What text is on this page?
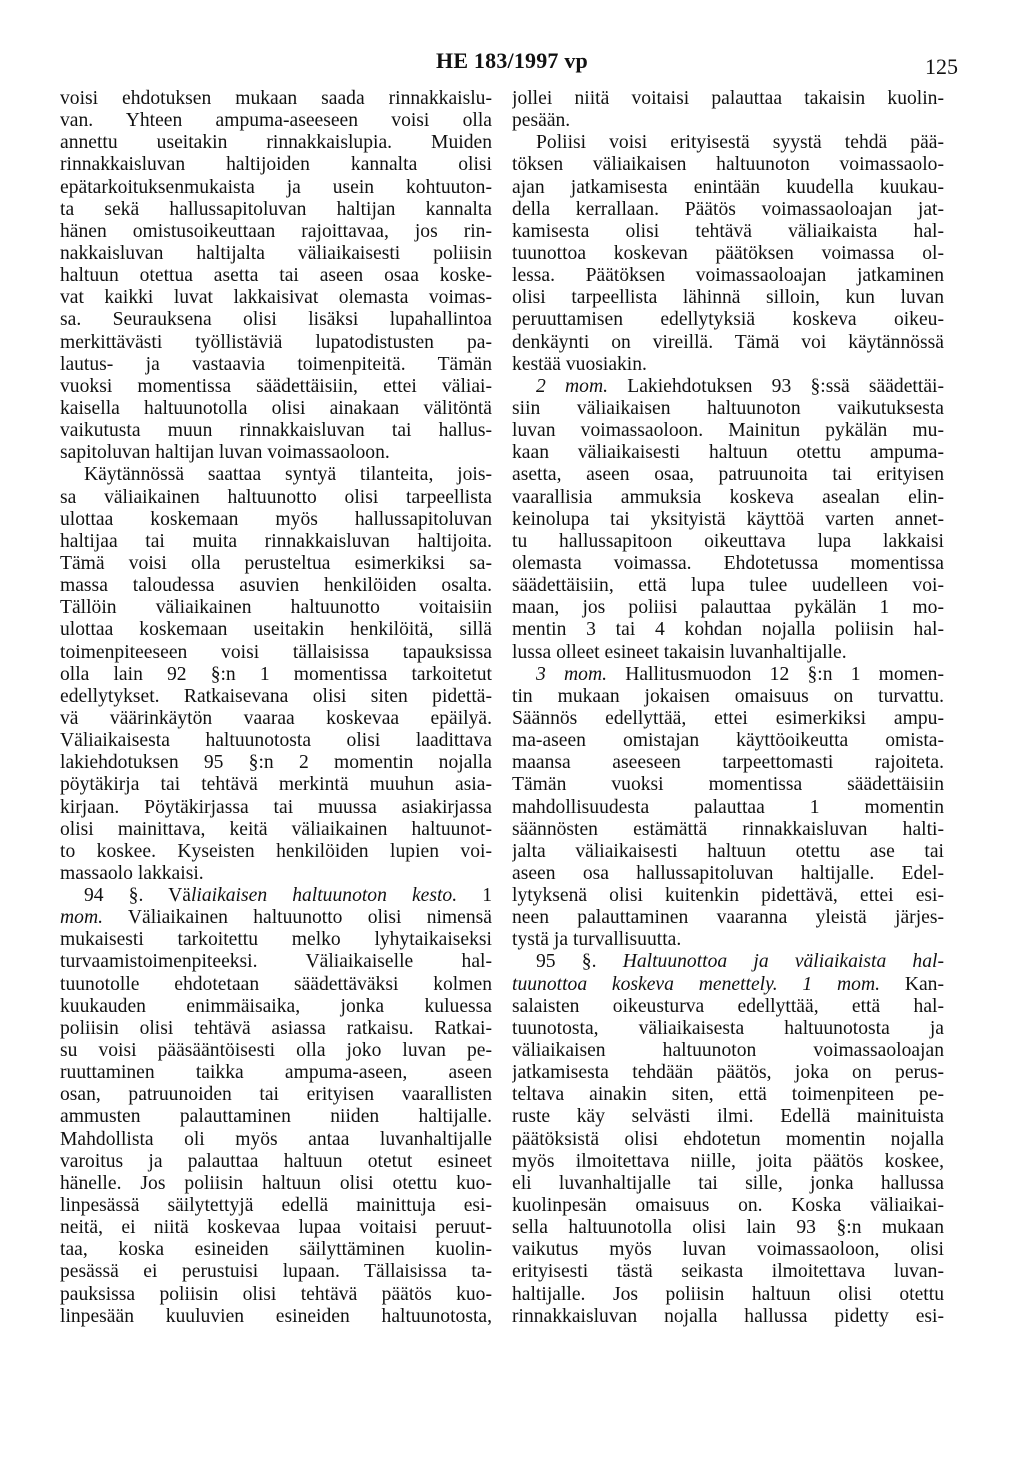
HE 183/1997 vp	125
voisi ehdotuksen mukaan saada rinnakkaislu-
van. Yhteen ampuma-aseeseen voisi olla
annettu useitakin rinnakkaislupia. Muiden
rinnakkaisluvan haltijoiden kannalta olisi
epätarkoituksenmukaista ja usein kohtuuton-
ta sekä hallussapitoluvan haltijan kannalta
hänen omistusoikeuttaan rajoittavaa, jos rin-
nakkaisluvan haltijalta väliaikaisesti poliisin
haltuun otettua asetta tai aseen osaa koske-
vat kaikki luvat lakkaisivat olemasta voimas-
sa. Seurauksena olisi lisäksi lupahallintoa
merkittävästi työllistäviä lupatodistusten pa-
lautus- ja vastaavia toimenpiteitä. Tämän
vuoksi momentissa säädettäisiin, ettei väliai-
kaisella haltuunotolla olisi ainakaan välitöntä
vaikutusta muun rinnakkaisluvan tai hallus-
sapitoluvan haltijan luvan voimassaoloon.
Käytännössä saattaa syntyä tilanteita, jois-
sa väliaikainen haltuunotto olisi tarpeellista
ulottaa koskemaan myös hallussapitoluvan
haltijaa tai muita rinnakkaisluvan haltijoita.
Tämä voisi olla perusteltua esimerkiksi sa-
massa taloudessa asuvien henkilöiden osalta.
Tällöin väliaikainen haltuunotto voitaisiin
ulottaa koskemaan useitakin henkilöitä, sillä
toimenpiteeseen voisi tällaisissa tapauksissa
olla lain 92 §:n 1 momentissa tarkoitetut
edellytykset. Ratkaisevana olisi siten pidettä-
vä väärinkäytön vaaraa koskevaa epäilyä.
Väliaikaisesta haltuunotosta olisi laadittava
lakiehdotuksen 95 §:n 2 momentin nojalla
pöytäkirja tai tehtävä merkintä muuhun asia-
kirjaan. Pöytäkirjassa tai muussa asiakirjassa
olisi mainittava, keitä väliaikainen haltuunot-
to koskee. Kyseisten henkilöiden lupien voi-
massaolo lakkaisi.
94 §. Väliaikaisen haltuunoton kesto. 1
mom. Väliaikainen haltuunotto olisi nimensä
mukaisesti tarkoitettu melko lyhytaikaiseksi
turvaamistoimenpiteeksi. Väliaikaiselle hal-
tuunotolle ehdotetaan säädettäväksi kolmen
kuukauden enimmäisaika, jonka kuluessa
poliisin olisi tehtävä asiassa ratkaisu. Ratkai-
su voisi pääsääntöisesti olla joko luvan pe-
ruuttaminen taikka ampuma-aseen, aseen
osan, patruunoiden tai erityisen vaarallisten
ammusten palauttaminen niiden haltijalle.
Mahdollista oli myös antaa luvanhaltijalle
varoitus ja palauttaa haltuun otetut esineet
hänelle. Jos poliisin haltuun olisi otettu kuo-
linpesässä säilytettyjä edellä mainittuja esi-
neitä, ei niitä koskevaa lupaa voitaisi peruut-
taa, koska esineiden säilyttäminen kuolin-
pesässä ei perustuisi lupaan. Tällaisissa ta-
pauksissa poliisin olisi tehtävä päätös kuo-
linpesään kuuluvien esineiden haltuunotosta,
jollei niitä voitaisi palauttaa takaisin kuolin-
pesään.
Poliisi voisi erityisestä syystä tehdä pää-
töksen väliaikaisen haltuunoton voimassaolo-
ajan jatkamisesta enintään kuudella kuukau-
della kerrallaan. Päätös voimassaoloajan jat-
kamisesta olisi tehtävä väliaikaista hal-
tuunottoa koskevan päätöksen voimassa ol-
lessa. Päätöksen voimassaoloajan jatkaminen
olisi tarpeellista lähinnä silloin, kun luvan
peruuttamisen edellytyksiä koskeva oikeu-
denkäynti on vireillä. Tämä voi käytännössä
kestää vuosiakin.
2 mom. Lakiehdotuksen 93 §:ssä säädettäi-
siin väliaikaisen haltuunoton vaikutuksesta
luvan voimassaoloon. Mainitun pykälän mu-
kaan väliaikaisesti haltuun otettu ampuma-
asetta, aseen osaa, patruunoita tai erityisen
vaarallisia ammuksia koskeva asealan elin-
keinolupa tai yksityistä käyttöä varten annet-
tu hallussapitoon oikeuttava lupa lakkaisi
olemasta voimassa. Ehdotetussa momentissa
säädettäisiin, että lupa tulee uudelleen voi-
maan, jos poliisi palauttaa pykälän 1 mo-
mentin 3 tai 4 kohdan nojalla poliisin hal-
lussa olleet esineet takaisin luvanhaltijalle.
3 mom. Hallitusmuodon 12 §:n 1 momen-
tin mukaan jokaisen omaisuus on turvattu.
Säännös edellyttää, ettei esimerkiksi ampu-
ma-aseen omistajan käyttöoikeutta omista-
maansa aseeseen tarpeettomasti rajoiteta.
Tämän vuoksi momentissa säädettäisiin
mahdollisuudesta palauttaa 1 momentin
säännösten estämättä rinnakkaisluvan halti-
jalta väliaikaisesti haltuun otettu ase tai
aseen osa hallussapitoluvan haltijalle. Edel-
lytyksenä olisi kuitenkin pidettävä, ettei esi-
neen palauttaminen vaaranna yleistä järjes-
tystä ja turvallisuutta.
95 §. Haltuunottoa ja väliaikaista hal-
tuunottoa koskeva menettely. 1 mom. Kan-
salaisten oikeusturva edellyttää, että hal-
tuunotosta, väliaikaisesta haltuunotosta ja
väliaikaisen haltuunoton voimassaoloajan
jatkamisesta tehdään päätös, joka on perus-
teltava ainakin siten, että toimenpiteen pe-
ruste käy selvästi ilmi. Edellä mainituista
päätöksistä olisi ehdotetun momentin nojalla
myös ilmoitettava niille, joita päätös koskee,
eli luvanhaltijalle tai sille, jonka hallussa
kuolinpesän omaisuus on. Koska väliaikai-
sella haltuunotolla olisi lain 93 §:n mukaan
vaikutus myös luvan voimassaoloon, olisi
erityisesti tästä seikasta ilmoitettava luvan-
haltijalle. Jos poliisin haltuun olisi otettu
rinnakkaisluvan nojalla hallussa pidetty esi-
